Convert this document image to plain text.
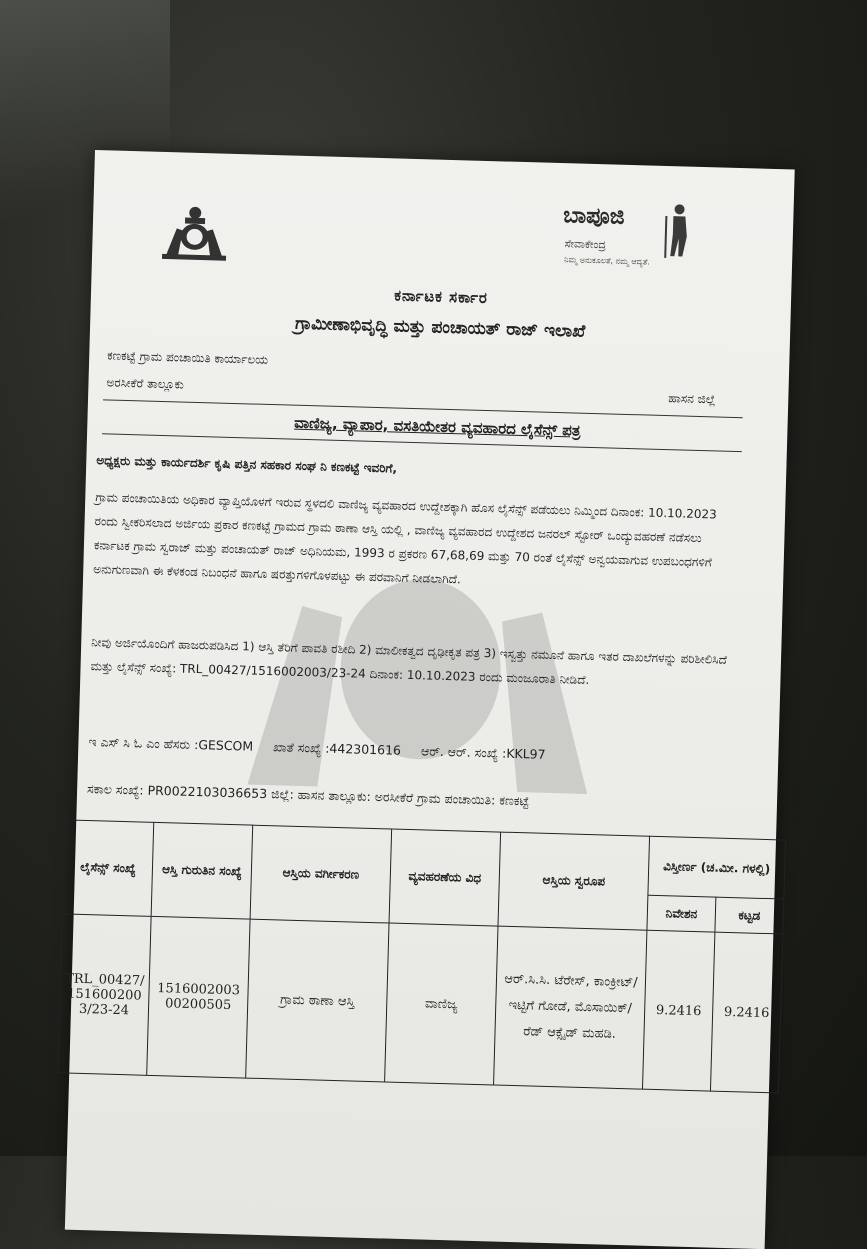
ಬಾಪೂಜಿ
ಸೇವಾಕೇಂದ್ರ
ನಿಮ್ಮ ಅನುಕೂಲತೆ, ನಮ್ಮ ಆದ್ಯತೆ.
ಕರ್ನಾಟಕ ಸರ್ಕಾರ
ಗ್ರಾಮೀಣಾಭಿವೃದ್ಧಿ ಮತ್ತು ಪಂಚಾಯತ್ ರಾಜ್ ಇಲಾಖೆ
ಕಣಕಟ್ಟೆ ಗ್ರಾಮ ಪಂಚಾಯಿತಿ ಕಾರ್ಯಾಲಯ
ಅರಸೀಕೆರೆ ತಾಲ್ಲೂಕು
ಹಾಸನ ಜಿಲ್ಲೆ
ವಾಣಿಜ್ಯ, ವ್ಯಾಪಾರ, ವಸತಿಯೇತರ ವ್ಯವಹಾರದ ಲೈಸೆನ್ಸ್ ಪತ್ರ
ಅಧ್ಯಕ್ಷರು ಮತ್ತು ಕಾರ್ಯದರ್ಶಿ ಕೃಷಿ ಪತ್ತಿನ ಸಹಕಾರ ಸಂಘ ನಿ ಕಣಕಟ್ಟೆ ಇವರಿಗೆ,
ಗ್ರಾಮ ಪಂಚಾಯಿತಿಯ ಅಧಿಕಾರ ವ್ಯಾಪ್ತಿಯೊಳಗೆ ಇರುವ ಸ್ಥಳದಲಿ ವಾಣಿಜ್ಯ ವ್ಯವಹಾರದ ಉದ್ದೇಶಕ್ಕಾಗಿ ಹೊಸ ಲೈಸೆನ್ಸ್ ಪಡೆಯಲು ನಿಮ್ಮಿಂದ ದಿನಾಂಕ: 10.10.2023 ರಂದು ಸ್ವೀಕರಿಸಲಾದ ಅರ್ಜಿಯ ಪ್ರಕಾರ ಕಣಕಟ್ಟೆ ಗ್ರಾಮದ ಗ್ರಾಮ ಠಾಣಾ ಆಸ್ತಿ ಯಲ್ಲಿ , ವಾಣಿಜ್ಯ ವ್ಯವಹಾರದ ಉದ್ದೇಶದ ಜನರಲ್ ಸ್ಟೋರ್ ಒಂದ್ಯುವಹರಣೆ ನಡೆಸಲು ಕರ್ನಾಟಕ ಗ್ರಾಮ ಸ್ವರಾಜ್ ಮತ್ತು ಪಂಚಾಯತ್ ರಾಜ್ ಅಧಿನಿಯಮ, 1993 ರ ಪ್ರಕರಣ 67,68,69 ಮತ್ತು 70 ರಂತೆ ಲೈಸೆನ್ಸ್ ಅನ್ವಯವಾಗುವ ಉಪಬಂಧಗಳಿಗೆ ಅನುಗುಣವಾಗಿ ಈ ಕೆಳಕಂಡ ನಿಬಂಧನೆ ಹಾಗೂ ಷರತ್ತುಗಳಿಗೊಳಪಟ್ಟು ಈ ಪರವಾನಿಗೆ ನೀಡಲಾಗಿದೆ.
ನೀವು ಅರ್ಜಿಯೊಂದಿಗೆ ಹಾಜರುಪಡಿಸಿದ 1) ಆಸ್ತಿ ತೆರಿಗೆ ಪಾವತಿ ರಶೀದಿ 2) ಮಾಲೀಕತ್ವದ ದೃಢೀಕೃತ ಪತ್ರ 3) ಇಸ್ವತ್ತು ನಮೂನೆ ಹಾಗೂ ಇತರ ದಾಖಲೆಗಳನ್ನು ಪರಿಶೀಲಿಸಿದೆ ಮತ್ತು ಲೈಸೆನ್ಸ್ ಸಂಖ್ಯೆ: TRL_00427/1516002003/23-24 ದಿನಾಂಕ: 10.10.2023 ರಂದು ಮಂಜೂರಾತಿ ನೀಡಿದೆ.
ಇ ಎಸ್ ಸಿ ಓ ಎಂ ಹೆಸರು :GESCOM ಖಾತೆ ಸಂಖ್ಯೆ :442301616 ಆರ್. ಆರ್. ಸಂಖ್ಯೆ :KKL97
ಸಕಾಲ ಸಂಖ್ಯೆ: PR0022103036653 ಜಿಲ್ಲೆ: ಹಾಸನ ತಾಲ್ಲೂಕು: ಅರಸೀಕೆರೆ ಗ್ರಾಮ ಪಂಚಾಯಿತಿ: ಕಣಕಟ್ಟೆ
ಲೈಸೆನ್ಸ್ ಸಂಖ್ಯೆ	ಆಸ್ತಿ ಗುರುತಿನ ಸಂಖ್ಯೆ	ಆಸ್ತಿಯ ವರ್ಗೀಕರಣ	ವ್ಯವಹರಣೆಯ ವಿಧ	ಆಸ್ತಿಯ ಸ್ವರೂಪ	ವಿಸ್ತೀರ್ಣ (ಚ.ಮೀ. ಗಳಲ್ಲಿ)	
					ನಿವೇಶನ	ಕಟ್ಟಡ
TRL_00427/1516002003/23-24	151600200300200505	ಗ್ರಾಮ ಠಾಣಾ ಆಸ್ತಿ	ವಾಣಿಜ್ಯ	ಆರ್.ಸಿ.ಸಿ. ಟೆರೇಸ್, ಕಾಂಕ್ರೀಟ್/ಇಟ್ಟಿಗೆ ಗೋಡೆ, ಮೊಸಾಯಿಕ್/ರೆಡ್ ಆಕ್ಸೈಡ್ ಮಹಡಿ.	9.2416	9.2416
